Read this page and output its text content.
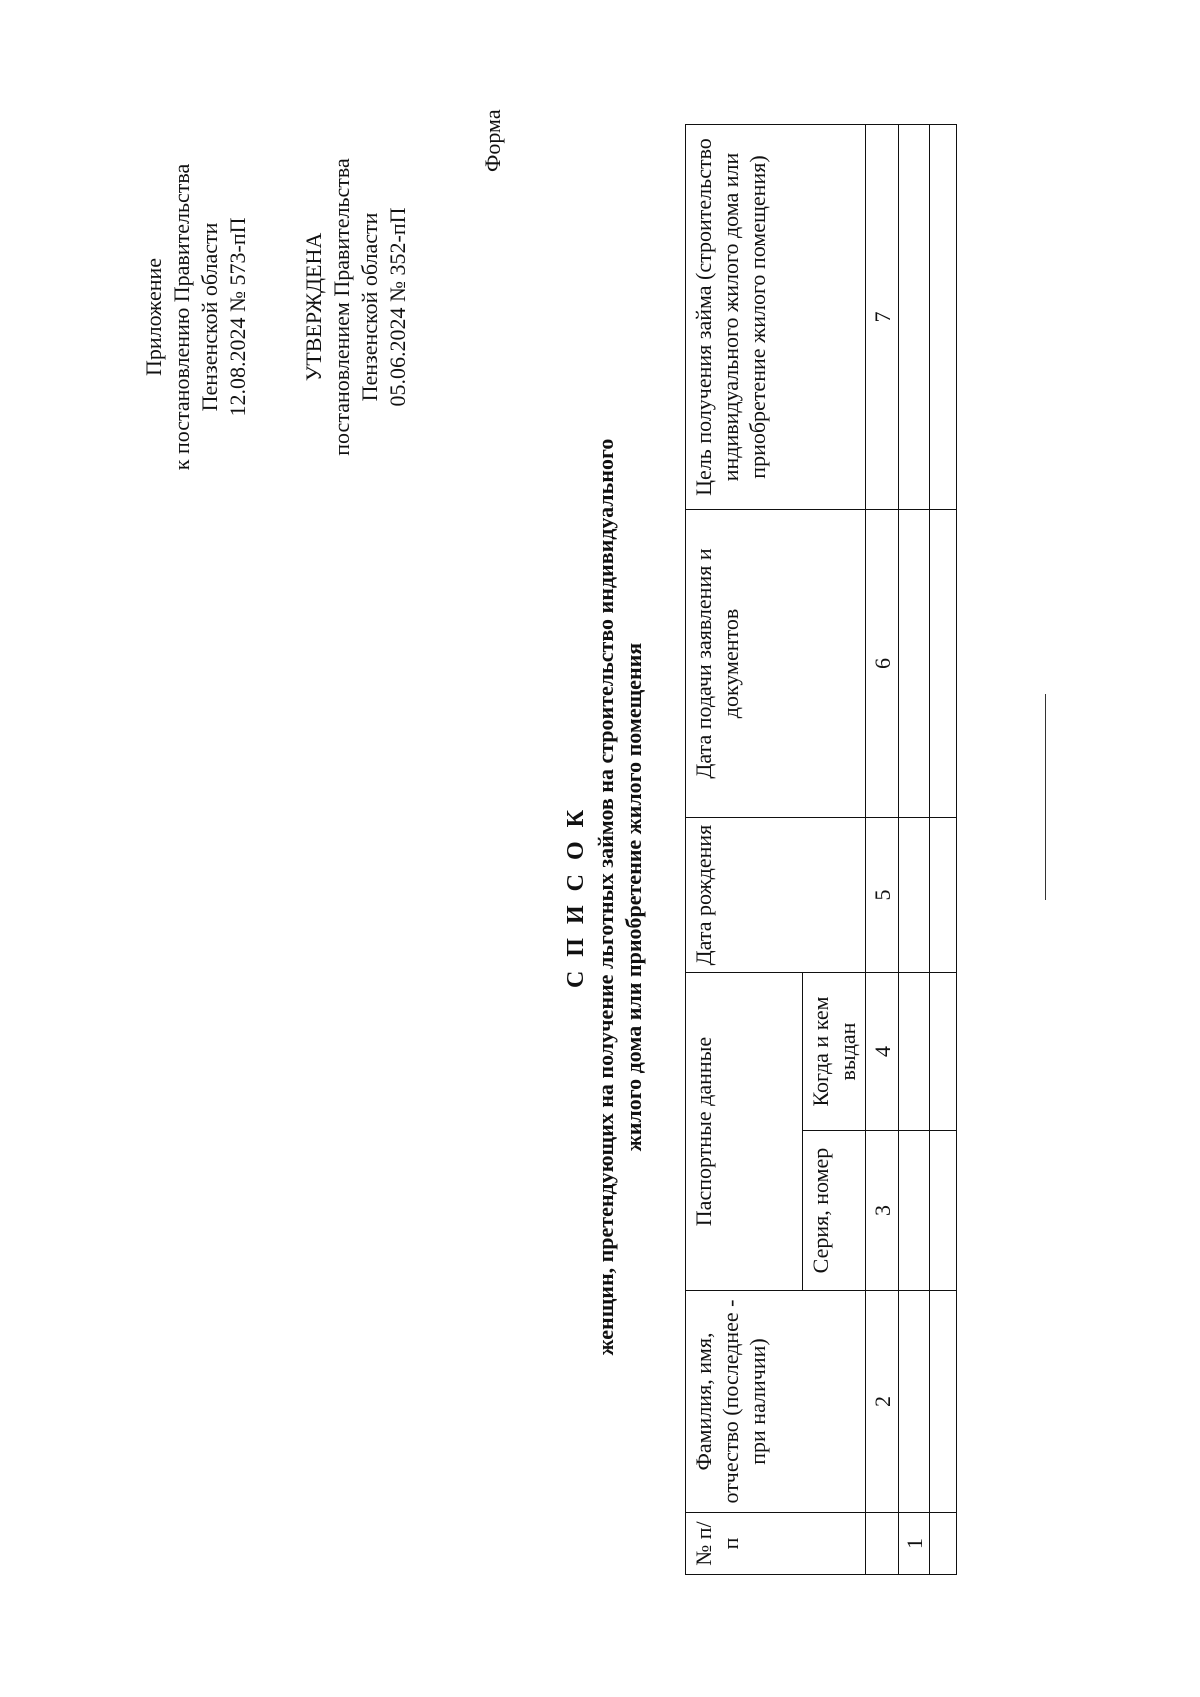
Приложение к постановлению Правительства Пензенской области 12.08.2024 № 573-пП УТВЕРЖДЕНА постановлением Правительства Пензенской области 05.06.2024 № 352-пП
Форма
С П И С О К женщин, претендующих на получение льготных займов на строительство индивидуального жилого дома или приобретение жилого помещения
№ п/п	Фамилия, имя, отчество (последнее - при наличии)	Паспортные данные		Дата рождения	Дата подачи заявления и документов	Цель получения займа (строительство индивидуального жилого дома или приобретение жилого помещения)
		Серия, номер	Когда и кем выдан			
	2	3	4	5	6	7
1						
